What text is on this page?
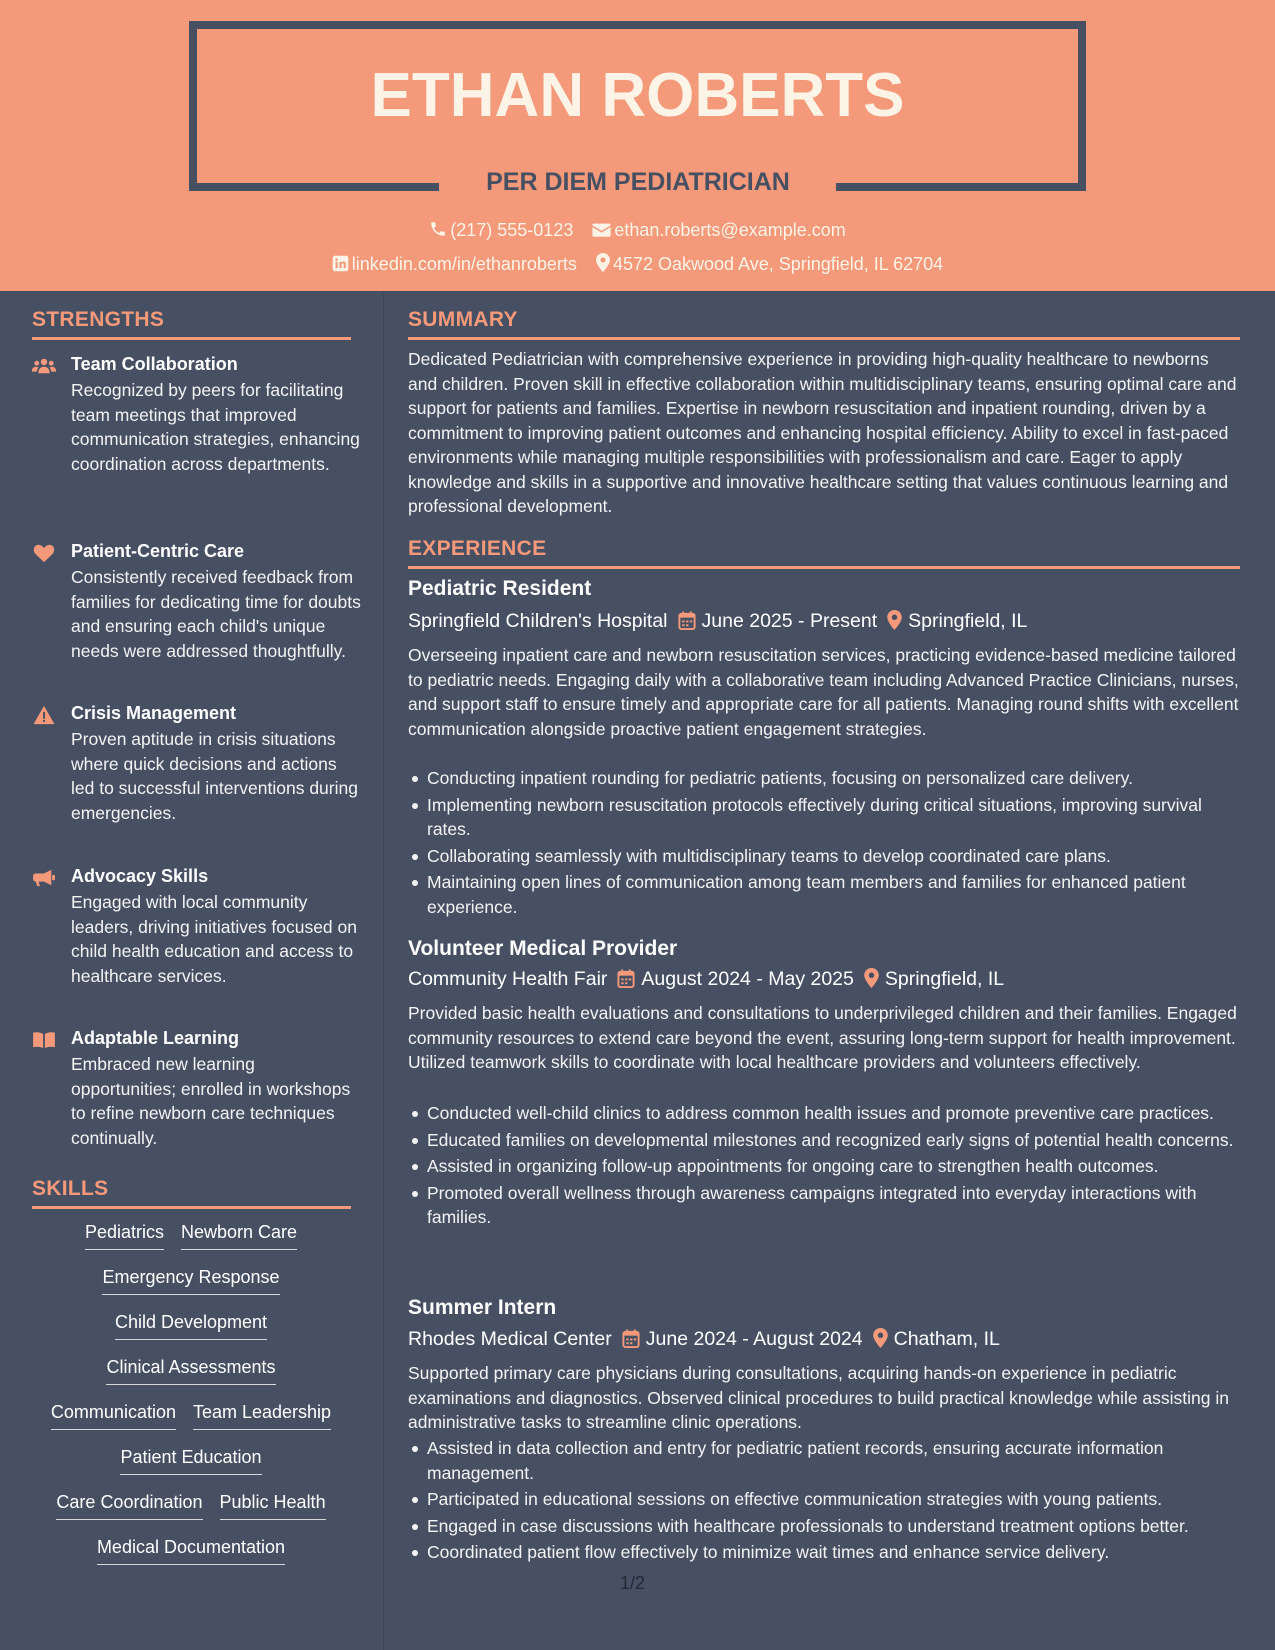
ETHAN ROBERTS
PER DIEM PEDIATRICIAN
(217) 555-0123 ethan.roberts@example.com
linkedin.com/in/ethanroberts 4572 Oakwood Ave, Springfield, IL 62704
STRENGTHS
Team Collaboration
Recognized by peers for facilitating team meetings that improved communication strategies, enhancing coordination across departments.
Patient-Centric Care
Consistently received feedback from families for dedicating time for doubts and ensuring each child's unique needs were addressed thoughtfully.
Crisis Management
Proven aptitude in crisis situations where quick decisions and actions led to successful interventions during emergencies.
Advocacy Skills
Engaged with local community leaders, driving initiatives focused on child health education and access to healthcare services.
Adaptable Learning
Embraced new learning opportunities; enrolled in workshops to refine newborn care techniques continually.
SKILLS
Pediatrics Newborn Care
Emergency Response
Child Development
Clinical Assessments
Communication Team Leadership
Patient Education
Care Coordination Public Health
Medical Documentation
SUMMARY
Dedicated Pediatrician with comprehensive experience in providing high-quality healthcare to newborns and children. Proven skill in effective collaboration within multidisciplinary teams, ensuring optimal care and support for patients and families. Expertise in newborn resuscitation and inpatient rounding, driven by a commitment to improving patient outcomes and enhancing hospital efficiency. Ability to excel in fast-paced environments while managing multiple responsibilities with professionalism and care. Eager to apply knowledge and skills in a supportive and innovative healthcare setting that values continuous learning and professional development.
EXPERIENCE
Pediatric Resident
Springfield Children's Hospital June 2025 - Present Springfield, IL
Overseeing inpatient care and newborn resuscitation services, practicing evidence-based medicine tailored to pediatric needs. Engaging daily with a collaborative team including Advanced Practice Clinicians, nurses, and support staff to ensure timely and appropriate care for all patients. Managing round shifts with excellent communication alongside proactive patient engagement strategies.
Conducting inpatient rounding for pediatric patients, focusing on personalized care delivery.
Implementing newborn resuscitation protocols effectively during critical situations, improving survival rates.
Collaborating seamlessly with multidisciplinary teams to develop coordinated care plans.
Maintaining open lines of communication among team members and families for enhanced patient experience.
Volunteer Medical Provider
Community Health Fair August 2024 - May 2025 Springfield, IL
Provided basic health evaluations and consultations to underprivileged children and their families. Engaged community resources to extend care beyond the event, assuring long-term support for health improvement. Utilized teamwork skills to coordinate with local healthcare providers and volunteers effectively.
Conducted well-child clinics to address common health issues and promote preventive care practices.
Educated families on developmental milestones and recognized early signs of potential health concerns.
Assisted in organizing follow-up appointments for ongoing care to strengthen health outcomes.
Promoted overall wellness through awareness campaigns integrated into everyday interactions with families.
Summer Intern
Rhodes Medical Center June 2024 - August 2024 Chatham, IL
Supported primary care physicians during consultations, acquiring hands-on experience in pediatric examinations and diagnostics. Observed clinical procedures to build practical knowledge while assisting in administrative tasks to streamline clinic operations.
Assisted in data collection and entry for pediatric patient records, ensuring accurate information management.
Participated in educational sessions on effective communication strategies with young patients.
Engaged in case discussions with healthcare professionals to understand treatment options better.
Coordinated patient flow effectively to minimize wait times and enhance service delivery.
1/2
